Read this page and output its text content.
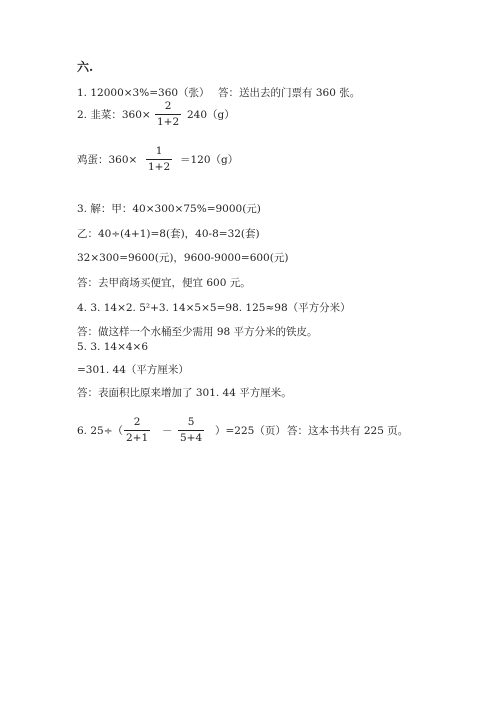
六.
1. 12000×3%=360（张） 答：送出去的门票有 360 张。
2. 韭菜：360×
2
1+2
240（g）
鸡蛋：360×
1
1+2
＝120（g）
3. 解：甲：40×300×75%=9000(元)
乙：40÷(4+1)=8(套)，40-8=32(套)
32×300=9600(元)，9600-9000=600(元)
答：去甲商场买便宜，便宜 600 元。
4. 3. 14×2. 5²+3. 14×5×5=98. 125≈98（平方分米）
答：做这样一个水桶至少需用 98 平方分米的铁皮。
5. 3. 14×4×6
=301. 44（平方厘米）
答：表面积比原来增加了 301. 44 平方厘米。
6. 25÷（
2
2+1
－
5
5+4
）=225（页） 答：这本书共有 225 页。
